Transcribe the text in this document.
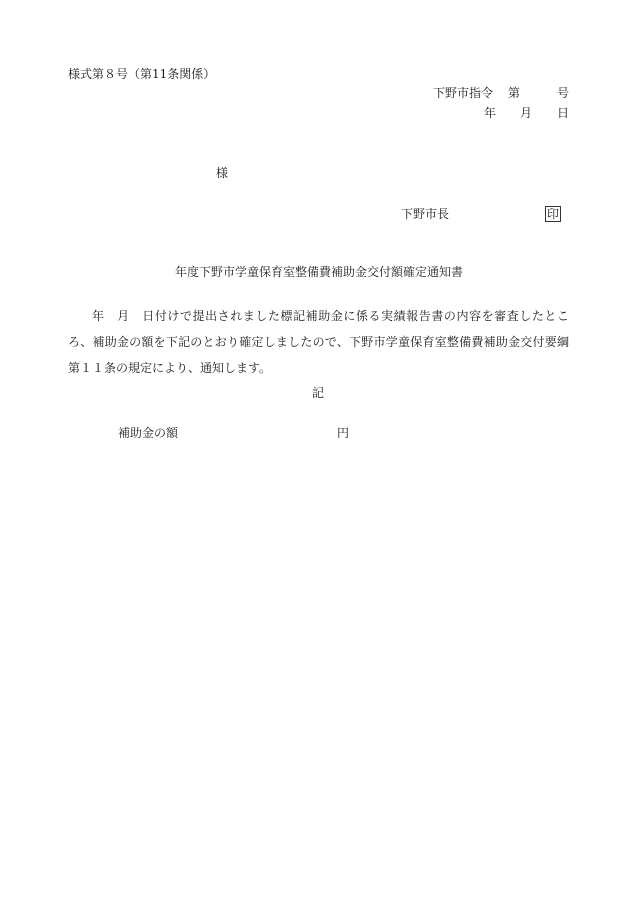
様式第８号（第11条関係）
下野市指令 第	号
年 月 日
様
下野市長	印
年度下野市学童保育室整備費補助金交付額確定通知書
年　月　日付けで提出されました標記補助金に係る実績報告書の内容を審査したところ、補助金の額を下記のとおり確定しましたので、下野市学童保育室整備費補助金交付要綱第１１条の規定により、通知します。
記
補助金の額	円
